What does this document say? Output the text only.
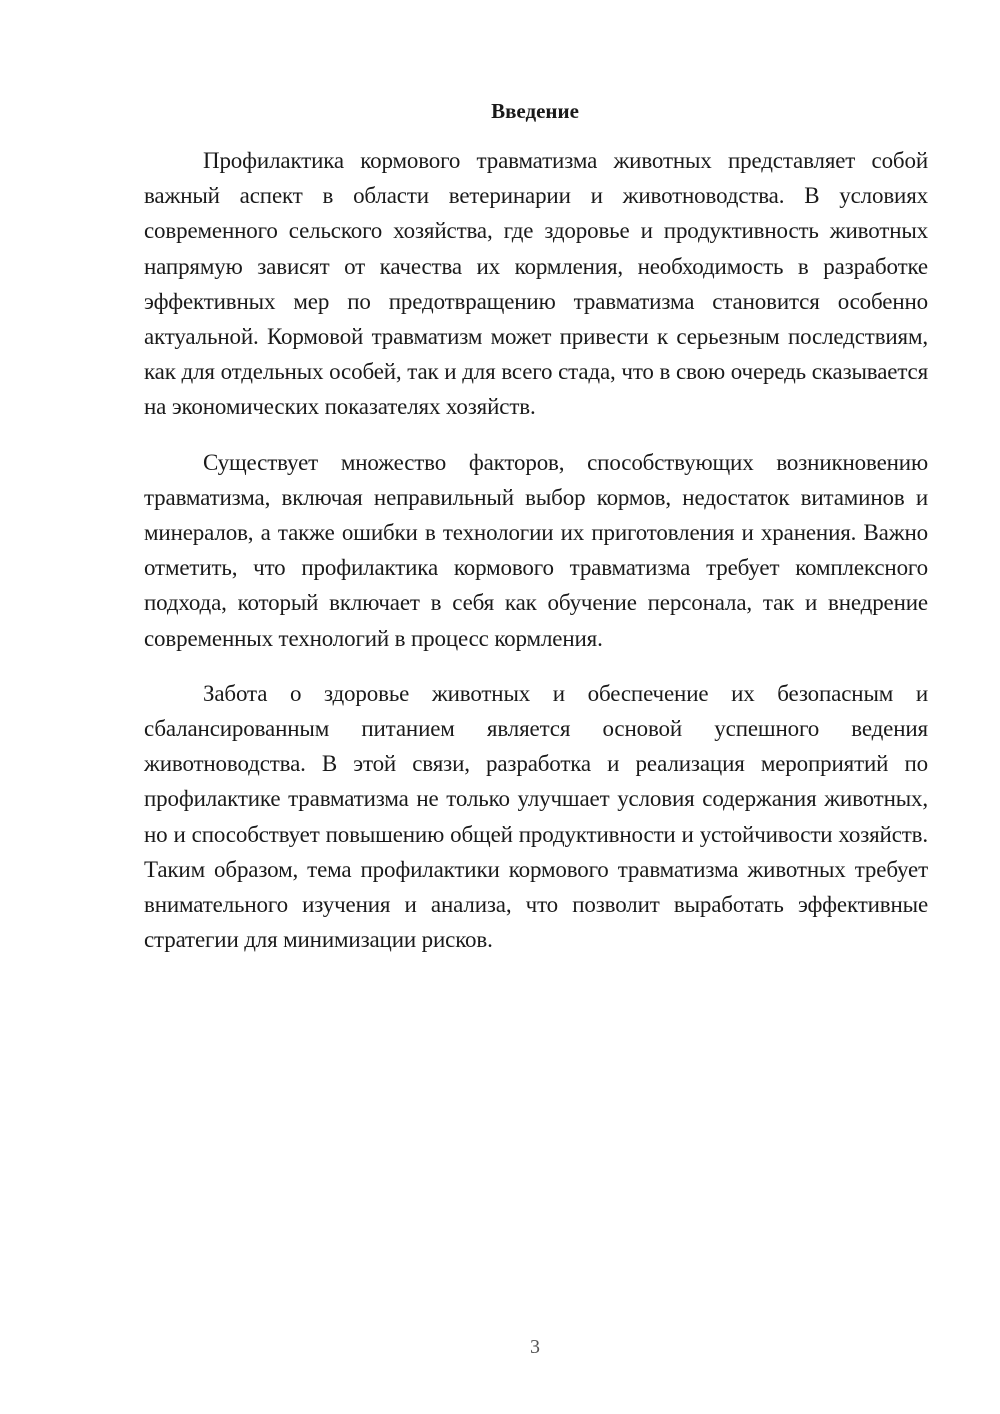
Введение

Профилактика кормового травматизма животных представляет собой важный аспект в области ветеринарии и животноводства. В условиях современного сельского хозяйства, где здоровье и продуктивность животных напрямую зависят от качества их кормления, необходимость в разработке эффективных мер по предотвращению травматизма становится особенно актуальной. Кормовой травматизм может привести к серьезным последствиям, как для отдельных особей, так и для всего стада, что в свою очередь сказывается на экономических показателях хозяйств.

Существует множество факторов, способствующих возникновению травматизма, включая неправильный выбор кормов, недостаток витаминов и минералов, а также ошибки в технологии их приготовления и хранения. Важно отметить, что профилактика кормового травматизма требует комплексного подхода, который включает в себя как обучение персонала, так и внедрение современных технологий в процесс кормления.

Забота о здоровье животных и обеспечение их безопасным и сбалансированным питанием является основой успешного ведения животноводства. В этой связи, разработка и реализация мероприятий по профилактике травматизма не только улучшает условия содержания животных, но и способствует повышению общей продуктивности и устойчивости хозяйств. Таким образом, тема профилактики кормового травматизма животных требует внимательного изучения и анализа, что позволит выработать эффективные стратегии для минимизации рисков.

3
